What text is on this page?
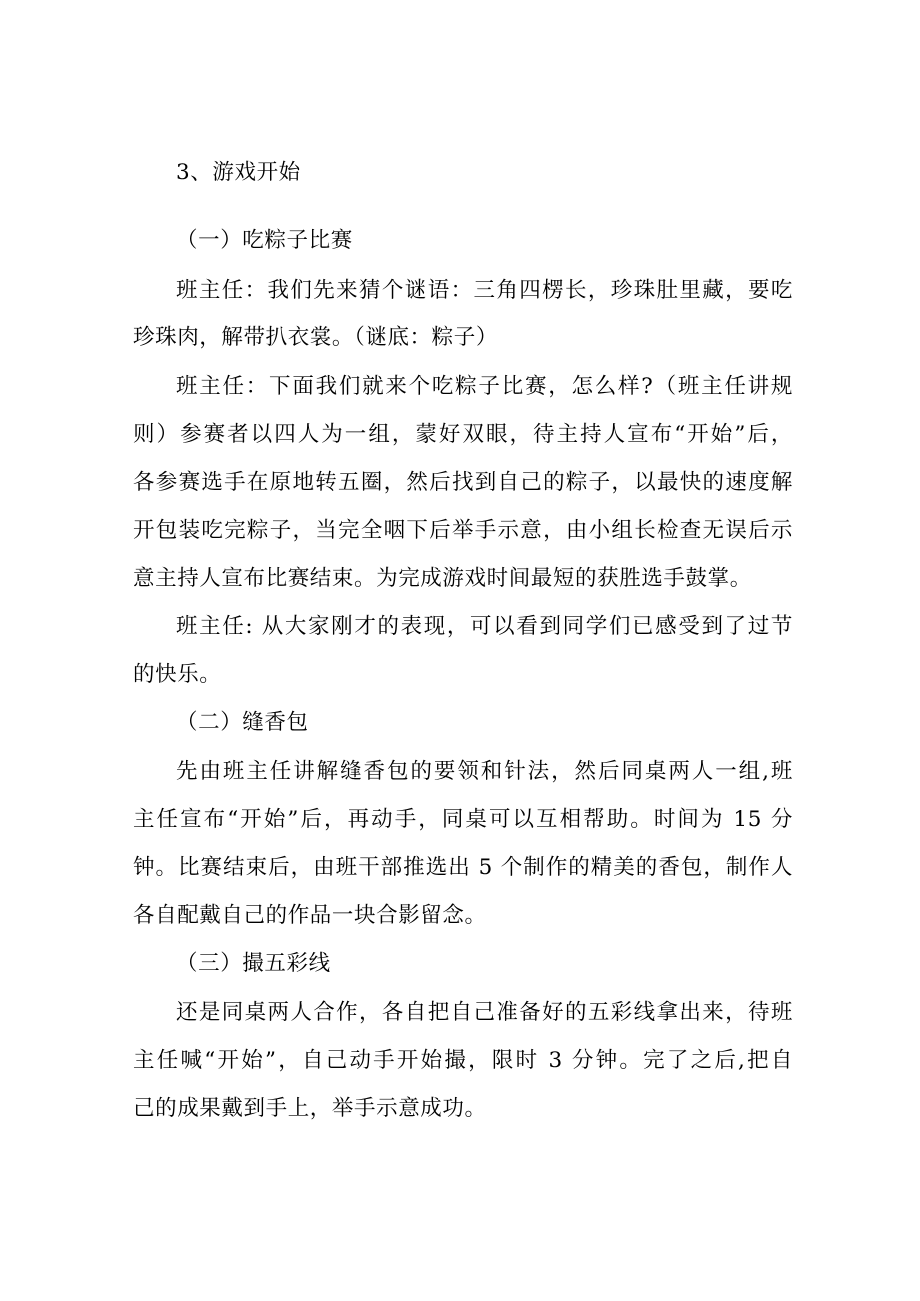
3、游戏开始
（一）吃粽子比赛
班主任：我们先来猜个谜语：三角四楞长，珍珠肚里藏，要吃
珍珠肉，解带扒衣裳。（谜底：粽子）
班主任：下面我们就来个吃粽子比赛，怎么样?（班主任讲规
则）参赛者以四人为一组，蒙好双眼，待主持人宣布“开始”后，
各参赛选手在原地转五圈，然后找到自己的粽子，以最快的速度解
开包装吃完粽子，当完全咽下后举手示意，由小组长检查无误后示
意主持人宣布比赛结束。为完成游戏时间最短的获胜选手鼓掌。
班主任: 从大家刚才的表现，可以看到同学们已感受到了过节
的快乐。
（二）缝香包
先由班主任讲解缝香包的要领和针法，然后同桌两人一组,班
主任宣布“开始”后，再动手，同桌可以互相帮助。时间为 15 分
钟。比赛结束后，由班干部推选出 5 个制作的精美的香包，制作人
各自配戴自己的作品一块合影留念。
（三）撮五彩线
还是同桌两人合作，各自把自己准备好的五彩线拿出来，待班
主任喊“开始”，自己动手开始撮，限时 3 分钟。完了之后,把自
己的成果戴到手上，举手示意成功。
